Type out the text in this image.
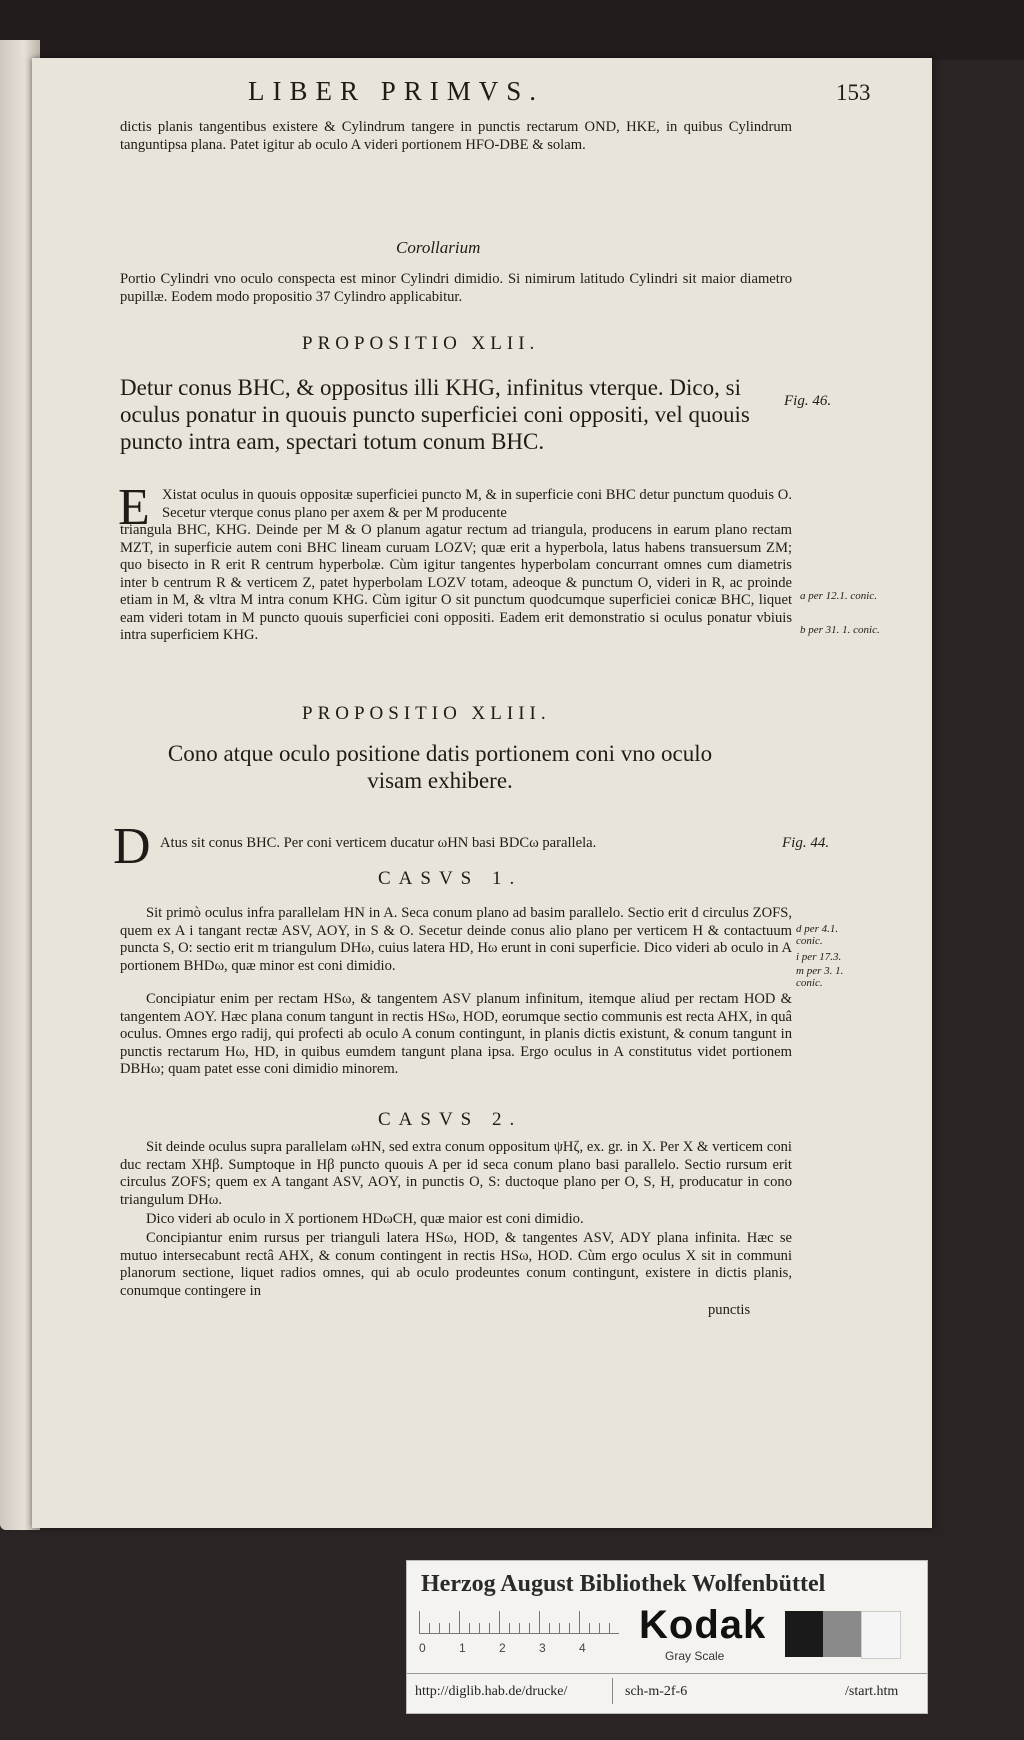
LIBER PRIMVS.	153
dictis planis tangentibus existere & Cylindrum tangere in punctis rectarum OND, HKE, in quibus Cylindrum tanguntipsa plana. Patet igitur ab oculo A videri portionem HFO-DBE & solam.
Corollarium
Portio Cylindri vno oculo conspecta est minor Cylindri dimidio. Si nimirum latitudo Cylindri sit maior diametro pupillæ. Eodem modo propositio 37 Cylindro applicabitur.
PROPOSITIO XLII.
Detur conus BHC, & oppositus illi KHG, infinitus vterque. Dico, si oculus ponatur in quouis puncto superficiei coni oppositi, vel quouis puncto intra eam, spectari totum conum BHC.
Fig. 46.
E Xistat oculus in quouis oppositæ superficiei puncto M, & in superficie coni BHC detur punctum quoduis O. Secetur vterque conus plano per axem & per M producente
triangula BHC, KHG. Deinde per M & O planum agatur rectum ad triangula, producens in earum plano rectam MZT, in superficie autem coni BHC lineam curuam LOZV; quæ erit a hyperbola, latus habens transuersum ZM; quo bisecto in R erit R centrum hyperbolæ. Cùm igitur tangentes hyperbolam concurrant omnes cum diametris inter b centrum R & verticem Z, patet hyperbolam LOZV totam, adeoque & punctum O, videri in R, ac proinde etiam in M, & vltra M intra conum KHG. Cùm igitur O sit punctum quodcumque superficiei conicæ BHC, liquet eam videri totam in M puncto quouis superficiei coni oppositi. Eadem erit demonstratio si oculus ponatur vbiuis intra superficiem KHG.
a per 12.1. conic.
b per 31. 1. conic.
PROPOSITIO XLIII.
Cono atque oculo positione datis portionem coni vno oculo visam exhibere.
D Atus sit conus BHC. Per coni verticem ducatur ωHN basi BDCω parallela.	Fig. 44.
CASVS 1.
Sit primò oculus infra parallelam HN in A. Seca conum plano ad basim parallelo. Sectio erit d circulus ZOFS, quem ex A i tangant rectæ ASV, AOY, in S & O. Secetur deinde conus alio plano per verticem H & contactuum puncta S, O: sectio erit m triangulum DHω, cuius latera HD, Hω erunt in coni superficie. Dico videri ab oculo in A portionem BHDω, quæ minor est coni dimidio.
d per 4.1. conic.
i per 17.3.
m per 3. 1. conic.
Concipiatur enim per rectam HSω, & tangentem ASV planum infinitum, itemque aliud per rectam HOD & tangentem AOY. Hæc plana conum tangunt in rectis HSω, HOD, eorumque sectio communis est recta AHX, in quâ oculus. Omnes ergo radij, qui profecti ab oculo A conum contingunt, in planis dictis existunt, & conum tangunt in punctis rectarum Hω, HD, in quibus eumdem tangunt plana ipsa. Ergo oculus in A constitutus videt portionem DBHω; quam patet esse coni dimidio minorem.
CASVS 2.
Sit deinde oculus supra parallelam ωHN, sed extra conum oppositum ψHζ, ex. gr. in X. Per X & verticem coni duc rectam XHβ. Sumptoque in Hβ puncto quouis A per id seca conum plano basi parallelo. Sectio rursum erit circulus ZOFS; quem ex A tangant ASV, AOY, in punctis O, S: ductoque plano per O, S, H, producatur in cono triangulum DHω.
Dico videri ab oculo in X portionem HDωCH, quæ maior est coni dimidio.
Concipiantur enim rursus per trianguli latera HSω, HOD, & tangentes ASV, ADY plana infinita. Hæc se mutuo intersecabunt rectâ AHX, & conum contingent in rectis HSω, HOD. Cùm ergo oculus X sit in communi planorum sectione, liquet radios omnes, qui ab oculo prodeuntes conum contingunt, existere in dictis planis, conumque contingere in
punctis
Herzog August Bibliothek Wolfenbüttel
0	1	2	3	4
Kodak
Gray Scale
http://diglib.hab.de/drucke/	sch-m-2f-6	/start.htm
